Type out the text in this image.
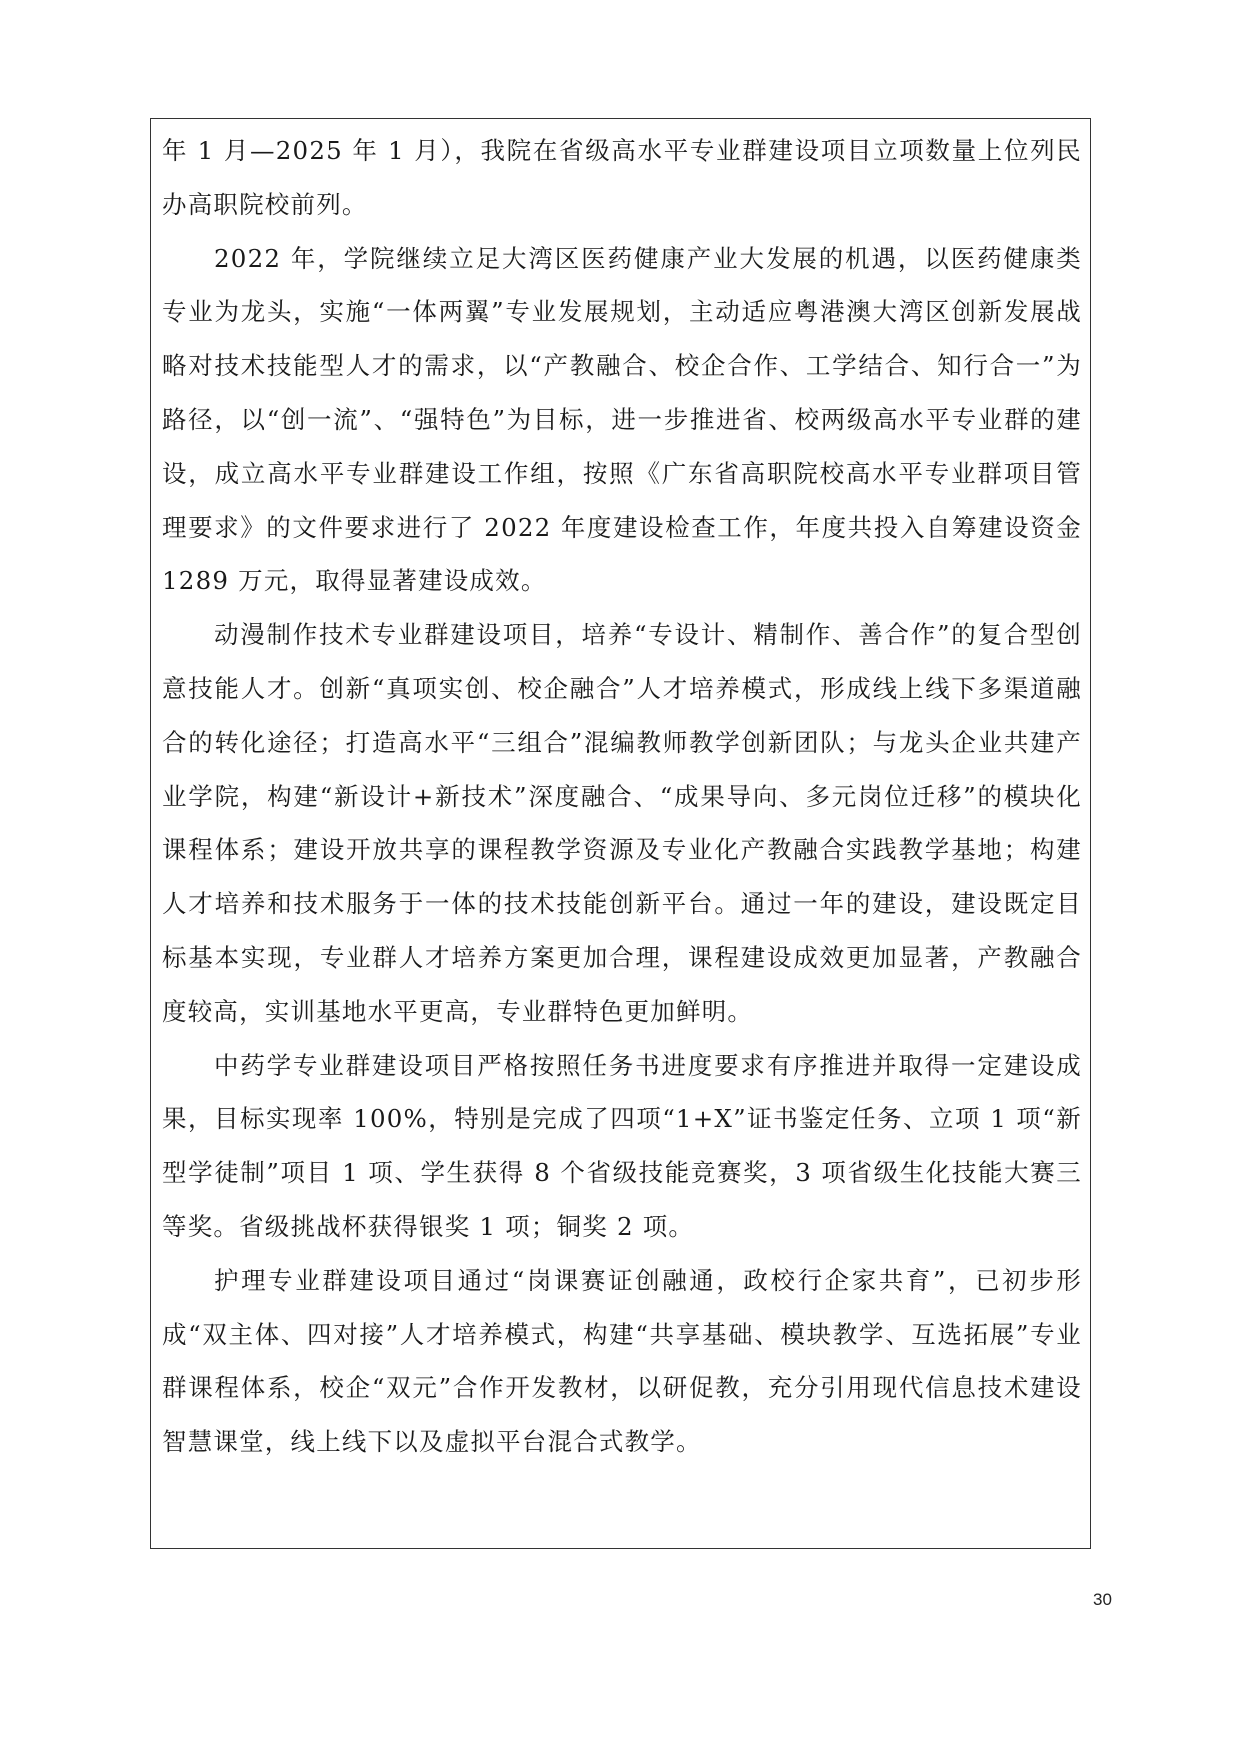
年 1 月—2025 年 1 月），我院在省级高水平专业群建设项目立项数量上位列民办高职院校前列。

2022 年，学院继续立足大湾区医药健康产业大发展的机遇，以医药健康类专业为龙头，实施“一体两翼”专业发展规划，主动适应粤港澳大湾区创新发展战略对技术技能型人才的需求，以“产教融合、校企合作、工学结合、知行合一”为路径，以“创一流”、“强特色”为目标，进一步推进省、校两级高水平专业群的建设，成立高水平专业群建设工作组，按照《广东省高职院校高水平专业群项目管理要求》的文件要求进行了 2022 年度建设检查工作，年度共投入自筹建设资金 1289 万元，取得显著建设成效。

动漫制作技术专业群建设项目，培养“专设计、精制作、善合作”的复合型创意技能人才。创新“真项实创、校企融合”人才培养模式，形成线上线下多渠道融合的转化途径；打造高水平“三组合”混编教师教学创新团队；与龙头企业共建产业学院，构建“新设计+新技术”深度融合、“成果导向、多元岗位迁移”的模块化课程体系；建设开放共享的课程教学资源及专业化产教融合实践教学基地；构建人才培养和技术服务于一体的技术技能创新平台。通过一年的建设，建设既定目标基本实现，专业群人才培养方案更加合理，课程建设成效更加显著，产教融合度较高，实训基地水平更高，专业群特色更加鲜明。

中药学专业群建设项目严格按照任务书进度要求有序推进并取得一定建设成果，目标实现率 100%，特别是完成了四项“1+X”证书鉴定任务、立项 1 项“新型学徒制”项目 1 项、学生获得 8 个省级技能竞赛奖，3 项省级生化技能大赛三等奖。省级挑战杯获得银奖 1 项；铜奖 2 项。

护理专业群建设项目通过“岗课赛证创融通，政校行企家共育”，已初步形成“双主体、四对接”人才培养模式，构建“共享基础、模块教学、互选拓展”专业群课程体系，校企“双元”合作开发教材，以研促教，充分引用现代信息技术建设智慧课堂，线上线下以及虚拟平台混合式教学。

30
